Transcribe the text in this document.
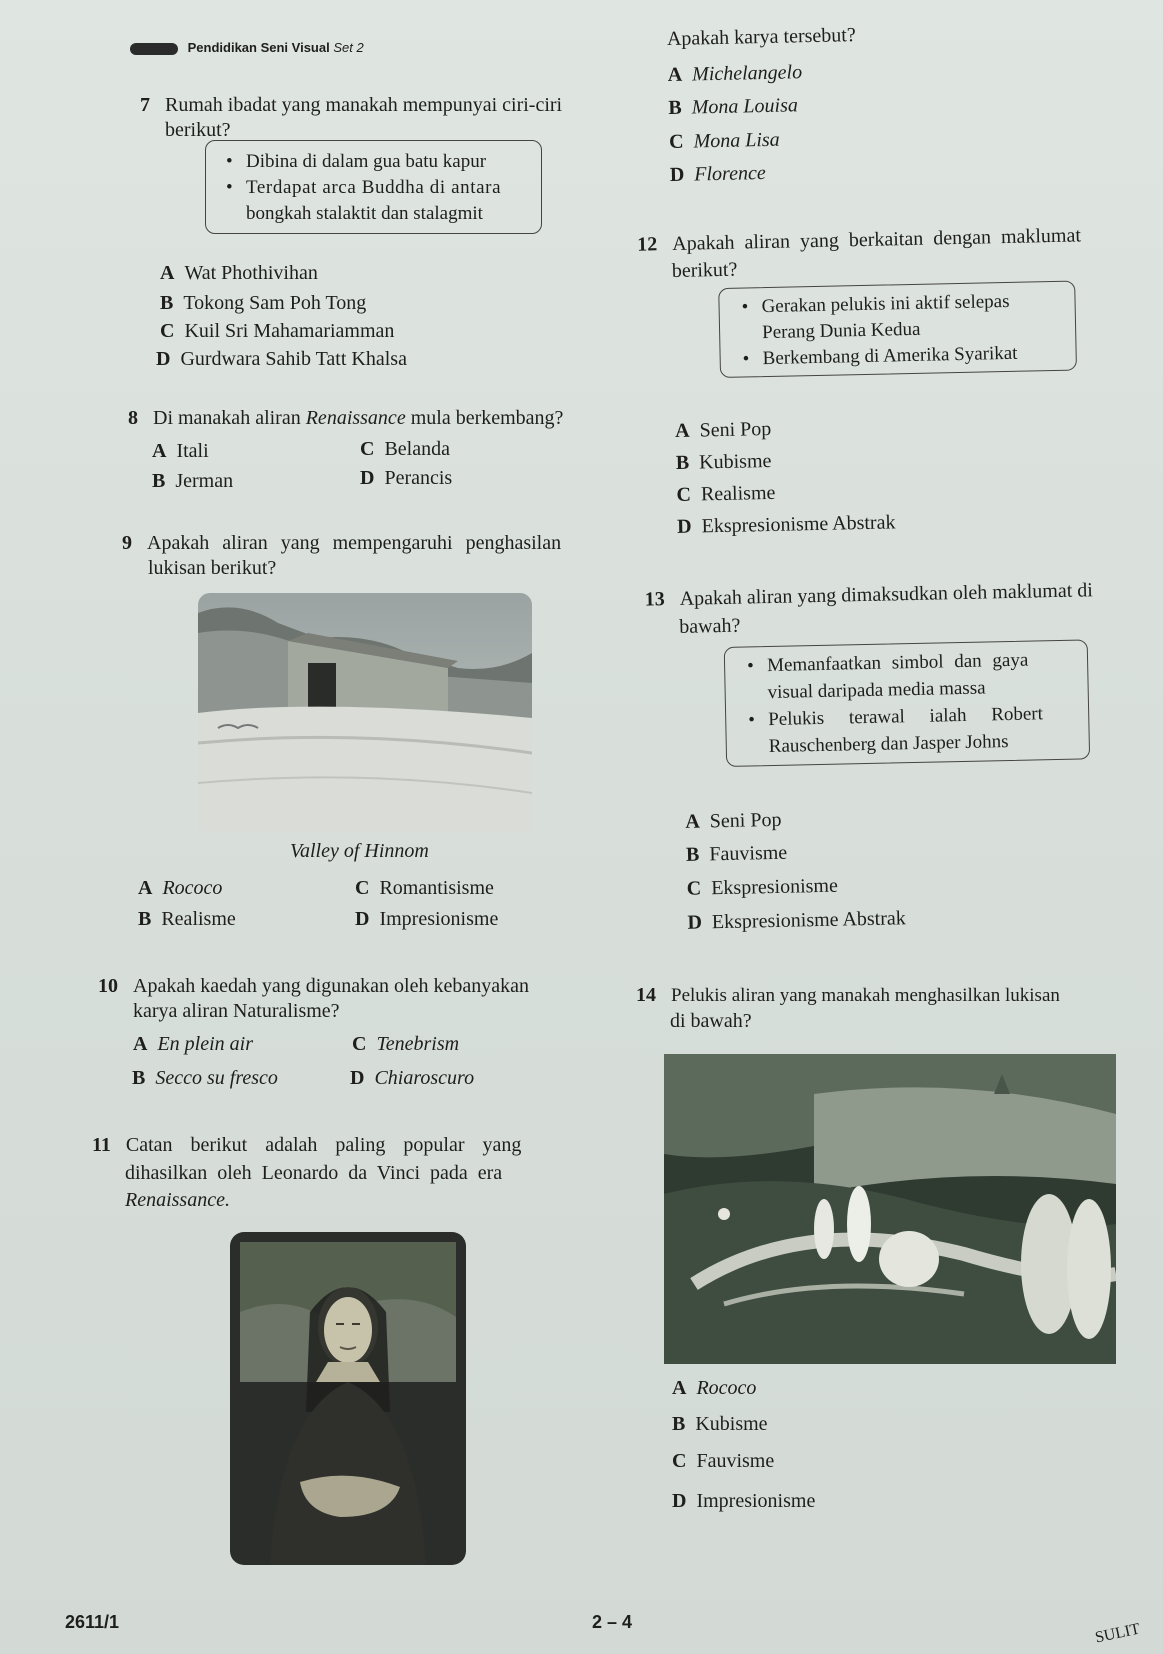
Pendidikan Seni Visual Set 2
7 Rumah ibadat yang manakah mempunyai ciri-ciri
berikut?
• Dibina di dalam gua batu kapur
• Terdapat arca Buddha di antara
bongkah stalaktit dan stalagmit
A Wat Phothivihan
B Tokong Sam Poh Tong
C Kuil Sri Mahamariamman
D Gurdwara Sahib Tatt Khalsa
8 Di manakah aliran Renaissance mula berkembang?
A Itali	C Belanda
B Jerman	D Perancis
9 Apakah aliran yang mempengaruhi penghasilan
lukisan berikut?
Valley of Hinnom
A Rococo	C Romantisisme
B Realisme	D Impresionisme
10 Apakah kaedah yang digunakan oleh kebanyakan
karya aliran Naturalisme?
A En plein air	C Tenebrism
B Secco su fresco	D Chiaroscuro
11 Catan berikut adalah paling popular yang
dihasilkan oleh Leonardo da Vinci pada era
Renaissance.
Apakah karya tersebut?
A Michelangelo
B Mona Louisa
C Mona Lisa
D Florence
12 Apakah aliran yang berkaitan dengan maklumat
berikut?
• Gerakan pelukis ini aktif selepas
Perang Dunia Kedua
• Berkembang di Amerika Syarikat
A Seni Pop
B Kubisme
C Realisme
D Ekspresionisme Abstrak
13 Apakah aliran yang dimaksudkan oleh maklumat di
bawah?
• Memanfaatkan simbol dan gaya
visual daripada media massa
• Pelukis terawal ialah Robert
Rauschenberg dan Jasper Johns
A Seni Pop
B Fauvisme
C Ekspresionisme
D Ekspresionisme Abstrak
14 Pelukis aliran yang manakah menghasilkan lukisan
di bawah?
A Rococo
B Kubisme
C Fauvisme
D Impresionisme
2611/1	2 – 4	SULIT
